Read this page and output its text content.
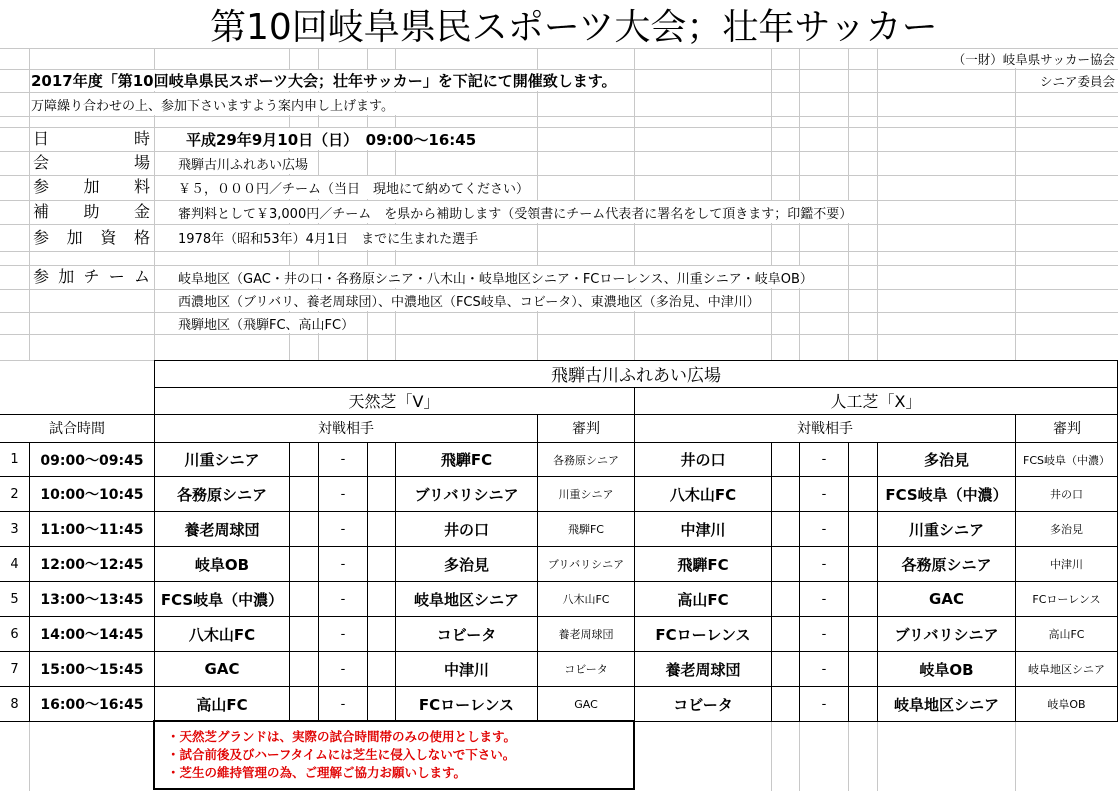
第10回岐阜県民スポーツ大会；壮年サッカー
（一財）岐阜県サッカー協会
シニア委員会
2017年度「第10回岐阜県民スポーツ大会；壮年サッカー」を下記にて開催致します。
万障繰り合わせの上、参加下さいますよう案内申し上げます。
日　時 平成29年9月10日（日）　09:00〜16:45
会　場 飛騨古川ふれあい広場
参加料 ￥５，０００円／チーム（当日　現地にて納めてください）
補助金 審判料として￥3,000円／チーム　を県から補助します（受領書にチーム代表者に署名をして頂きます；印鑑不要）
参加資格 1978年（昭和53年）4月1日　までに生まれた選手
参加チーム 岐阜地区（GAC・井の口・各務原シニア・八木山・岐阜地区シニア・FCローレンス、川重シニア・岐阜OB）
西濃地区（ブリバリ、養老周球団）、中濃地区（FCS岐阜、コビータ）、東濃地区（多治見、中津川）
飛騨地区（飛騨FC、高山FC）
飛騨古川ふれあい広場
天然芝「V」	人工芝「X」
試合時間	対戦相手	審判	対戦相手	審判
1	09:00〜09:45	川重シニア	-	飛騨FC	各務原シニア	井の口	-	多治見	FCS岐阜（中濃）
2	10:00〜10:45	各務原シニア	-	ブリバリシニア	川重シニア	八木山FC	-	FCS岐阜（中濃）	井の口
3	11:00〜11:45	養老周球団	-	井の口	飛騨FC	中津川	-	川重シニア	多治見
4	12:00〜12:45	岐阜OB	-	多治見	ブリバリシニア	飛騨FC	-	各務原シニア	中津川
5	13:00〜13:45	FCS岐阜（中濃）	-	岐阜地区シニア	八木山FC	高山FC	-	GAC	FCローレンス
6	14:00〜14:45	八木山FC	-	コビータ	養老周球団	FCローレンス	-	ブリバリシニア	高山FC
7	15:00〜15:45	GAC	-	中津川	コビータ	養老周球団	-	岐阜OB	岐阜地区シニア
8	16:00〜16:45	高山FC	-	FCローレンス	GAC	コビータ	-	岐阜地区シニア	岐阜OB
・天然芝グランドは、実際の試合時間帯のみの使用とします。
・試合前後及びハーフタイムには芝生に侵入しないで下さい。
・芝生の維持管理の為、ご理解ご協力お願いします。
